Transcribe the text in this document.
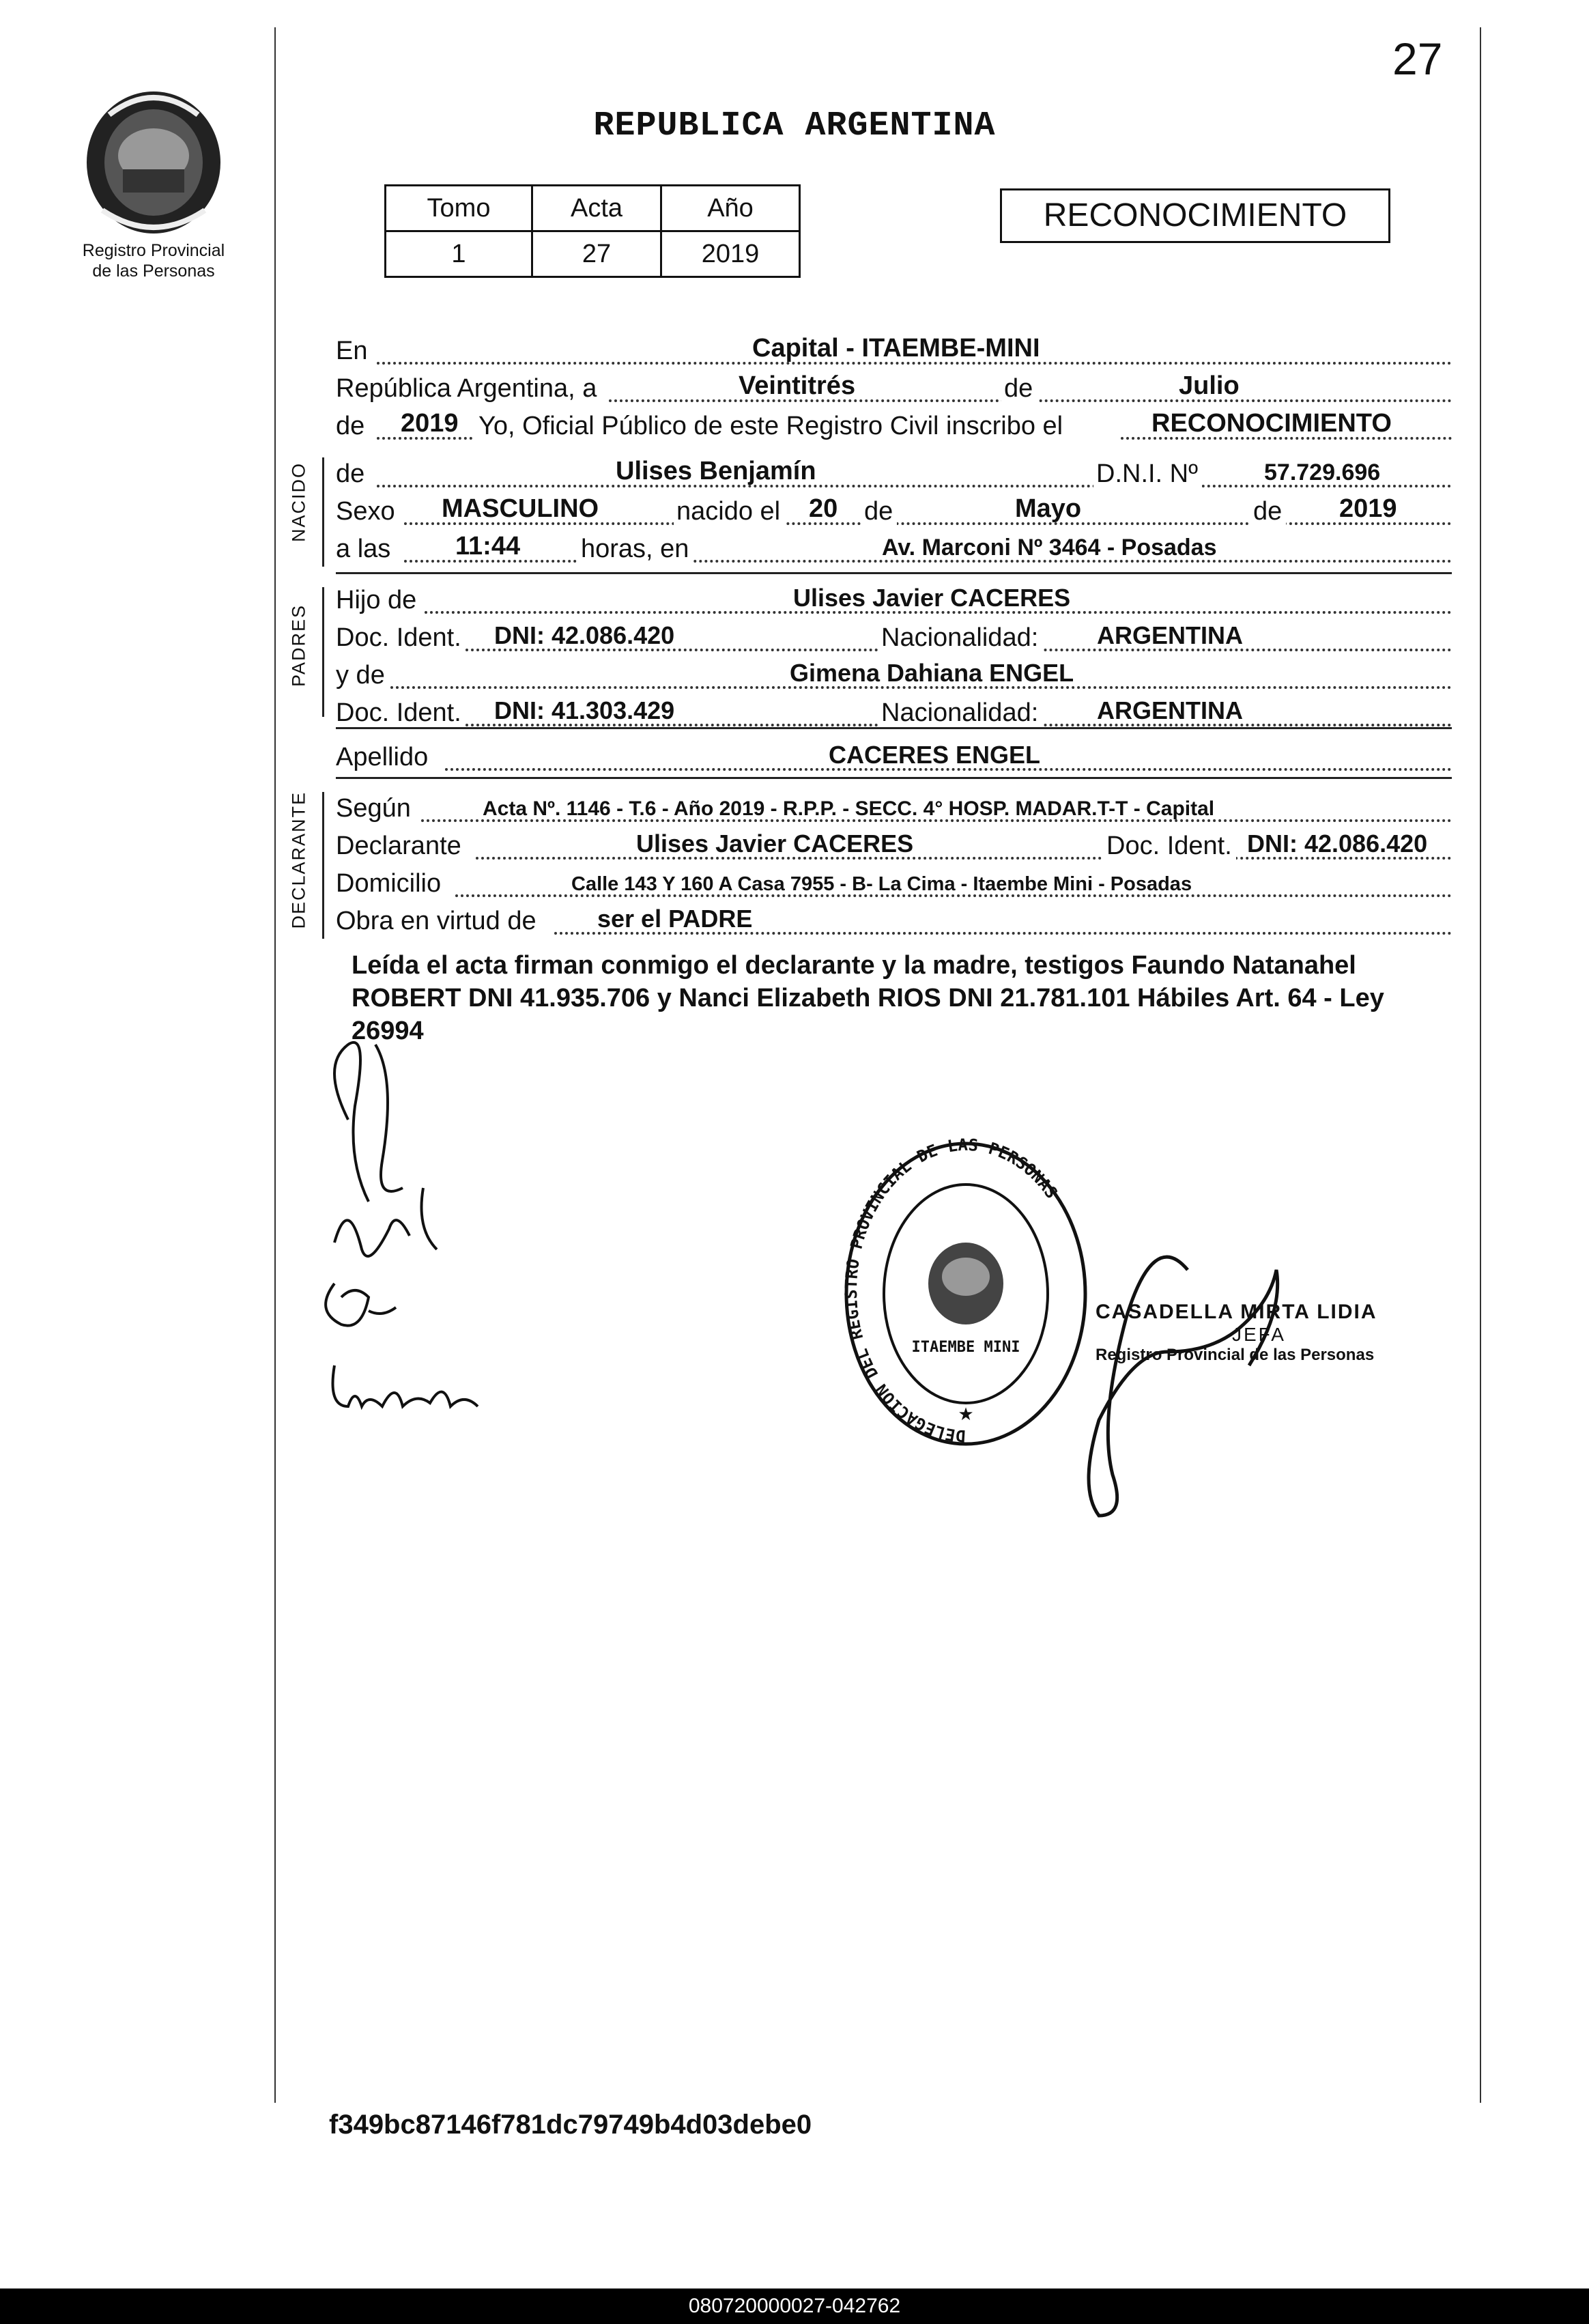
27
REPUBLICA ARGENTINA
Registro Provincial
de las Personas
Tomo	Acta	Año
1	27	2019
RECONOCIMIENTO
En	Capital - ITAEMBE-MINI
República Argentina, a	Veintitrés	de	Julio
de 2019 Yo, Oficial Público de este Registro Civil inscribo el	RECONOCIMIENTO
NACIDO de	Ulises Benjamín	D.N.I. Nº	57.729.696
Sexo MASCULINO	nacido el 20 de	Mayo	de 2019
a las 11:44 horas, en	Av. Marconi Nº 3464 - Posadas
PADRES
Hijo de	Ulises Javier CACERES
Doc. Ident. DNI: 42.086.420	Nacionalidad: ARGENTINA
y de	Gimena Dahiana ENGEL
Doc. Ident. DNI: 41.303.429	Nacionalidad: ARGENTINA
Apellido	CACERES ENGEL
DECLARANTE Según	Acta Nº. 1146 - T.6 - Año 2019 - R.P.P. - SECC. 4° HOSP. MADAR.T-T - Capital
Declarante	Ulises Javier CACERES	Doc. Ident. DNI: 42.086.420
Domicilio	Calle 143 Y 160 A Casa 7955 - B- La Cima - Itaembe Mini - Posadas
Obra en virtud de ser el PADRE
Leída el acta firman conmigo el declarante y la madre, testigos Faundo Natanahel ROBERT DNI 41.935.706 y Nanci Elizabeth RIOS DNI 21.781.101 Hábiles Art. 64 - Ley 26994
DELEGACION DEL REGISTRO PROVINCIAL DE LAS PERSONAS
ITAEMBE MINI
★
CASADELLA MIRTA LIDIA
JEFA
Registro Provincial de las Personas
f349bc87146f781dc79749b4d03debe0
080720000027-042762
